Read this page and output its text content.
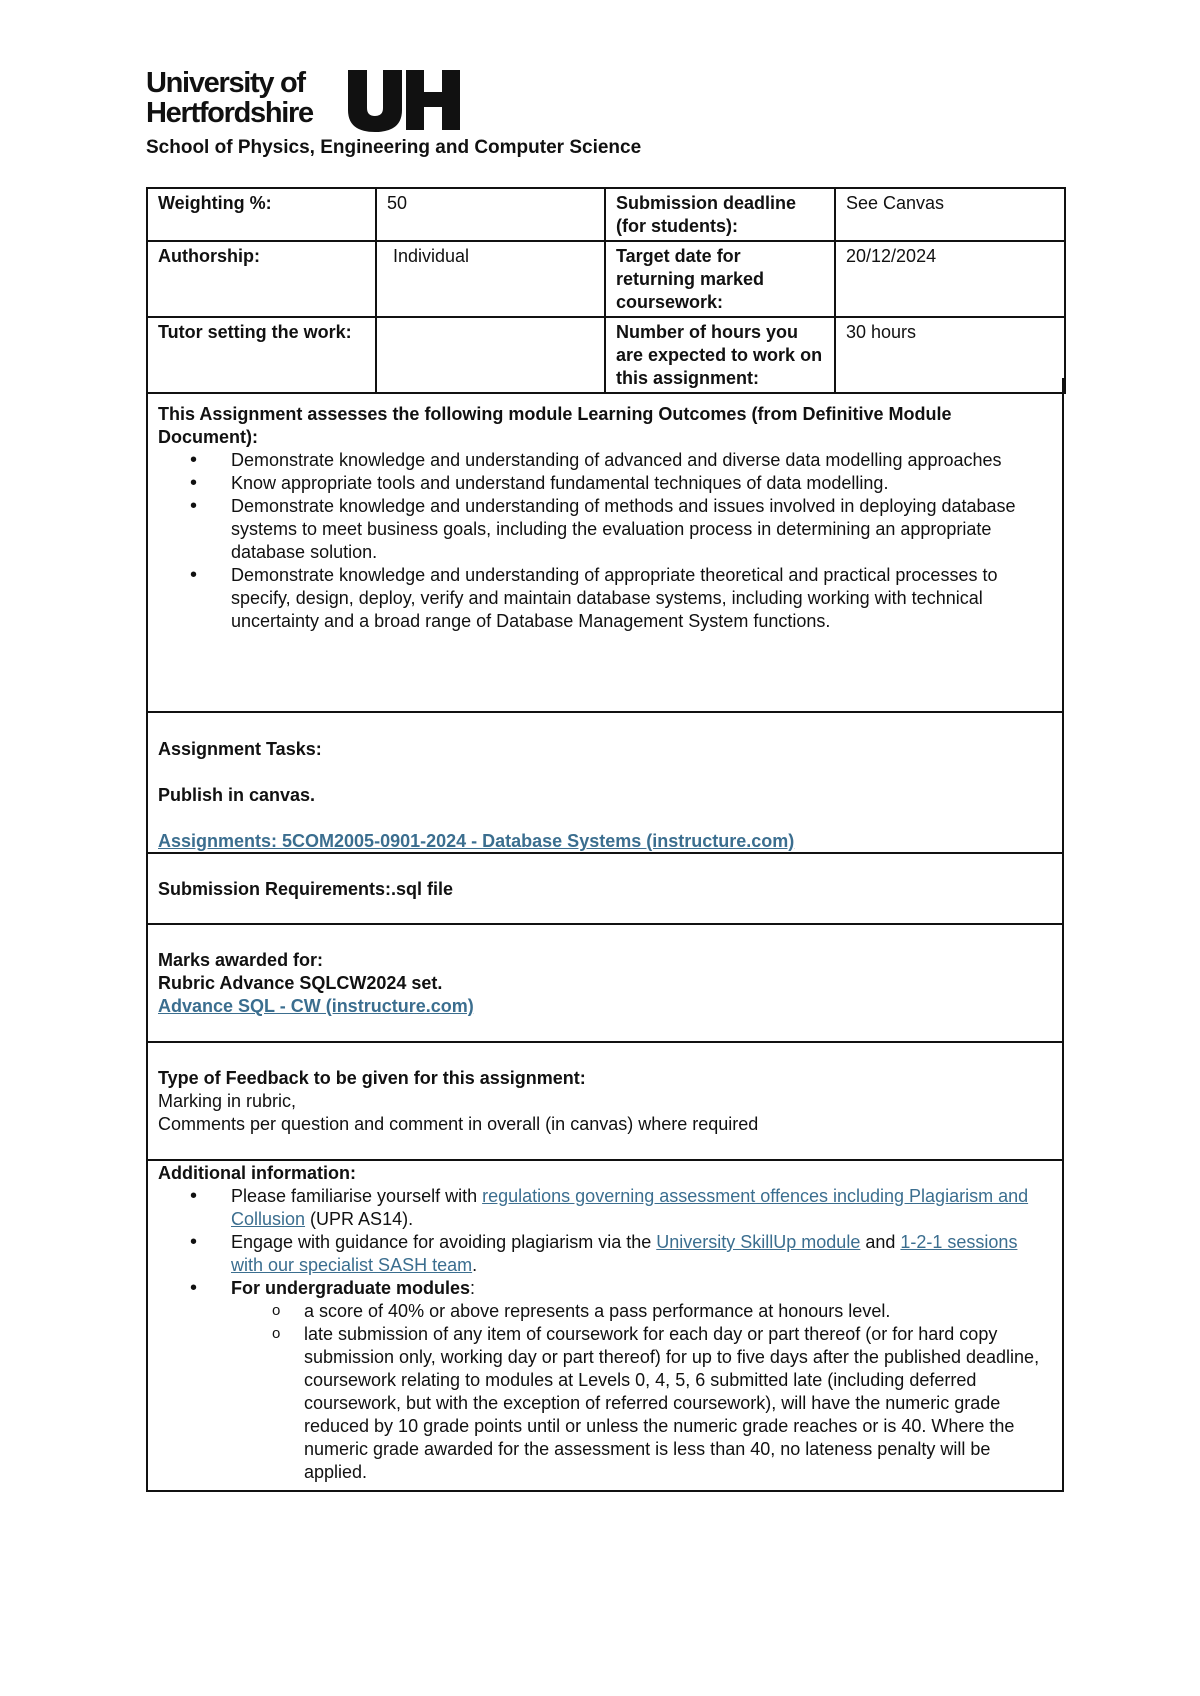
University of
Hertfordshire
School of Physics, Engineering and Computer Science
Weighting %:	50	Submission deadline (for students):	See Canvas
Authorship:	Individual	Target date for returning marked coursework:	20/12/2024
Tutor setting the work:		Number of hours you are expected to work on this assignment:	30 hours

This Assignment assesses the following module Learning Outcomes (from Definitive Module Document):

• Demonstrate knowledge and understanding of advanced and diverse data modelling approaches
• Know appropriate tools and understand fundamental techniques of data modelling.
• Demonstrate knowledge and understanding of methods and issues involved in deploying database systems to meet business goals, including the evaluation process in determining an appropriate database solution.
• Demonstrate knowledge and understanding of appropriate theoretical and practical processes to specify, design, deploy, verify and maintain database systems, including working with technical uncertainty and a broad range of Database Management System functions.

Assignment Tasks:

Publish in canvas.

Assignments: 5COM2005-0901-2024 - Database Systems (instructure.com)

Submission Requirements:.sql file

Marks awarded for:

Rubric Advance SQLCW2024 set.

Advance SQL - CW (instructure.com)

Type of Feedback to be given for this assignment:

Marking in rubric,

Comments per question and comment in overall (in canvas) where required

Additional information:

• Please familiarise yourself with regulations governing assessment offences including Plagiarism and Collusion (UPR AS14).
• Engage with guidance for avoiding plagiarism via the University SkillUp module and 1-2-1 sessions with our specialist SASH team.
• For undergraduate modules:
o a score of 40% or above represents a pass performance at honours level.
o late submission of any item of coursework for each day or part thereof (or for hard copy submission only, working day or part thereof) for up to five days after the published deadline, coursework relating to modules at Levels 0, 4, 5, 6 submitted late (including deferred coursework, but with the exception of referred coursework), will have the numeric grade reduced by 10 grade points until or unless the numeric grade reaches or is 40. Where the numeric grade awarded for the assessment is less than 40, no lateness penalty will be applied.
